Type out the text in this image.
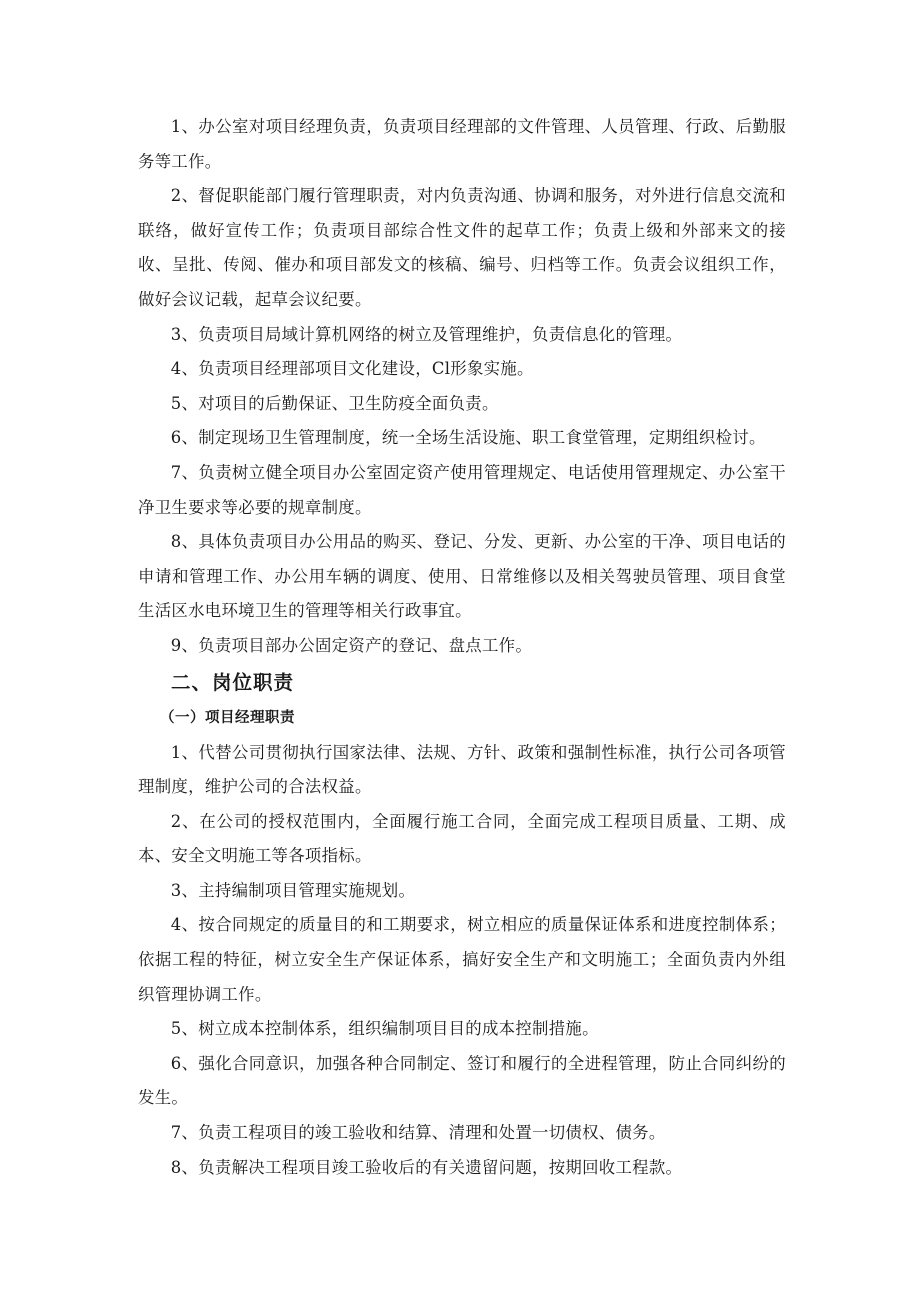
1、办公室对项目经理负责，负责项目经理部的文件管理、人员管理、行政、后勤服务等工作。

2、督促职能部门履行管理职责，对内负责沟通、协调和服务，对外进行信息交流和联络，做好宣传工作；负责项目部综合性文件的起草工作；负责上级和外部来文的接收、呈批、传阅、催办和项目部发文的核稿、编号、归档等工作。负责会议组织工作，做好会议记载，起草会议纪要。

3、负责项目局域计算机网络的树立及管理维护，负责信息化的管理。

4、负责项目经理部项目文化建设，Cl形象实施。

5、对项目的后勤保证、卫生防疫全面负责。

6、制定现场卫生管理制度，统一全场生活设施、职工食堂管理，定期组织检讨。

7、负责树立健全项目办公室固定资产使用管理规定、电话使用管理规定、办公室干净卫生要求等必要的规章制度。

8、具体负责项目办公用品的购买、登记、分发、更新、办公室的干净、项目电话的申请和管理工作、办公用车辆的调度、使用、日常维修以及相关驾驶员管理、项目食堂生活区水电环境卫生的管理等相关行政事宜。

9、负责项目部办公固定资产的登记、盘点工作。

二、岗位职责
（一）项目经理职责

1、代替公司贯彻执行国家法律、法规、方针、政策和强制性标准，执行公司各项管理制度，维护公司的合法权益。

2、在公司的授权范围内，全面履行施工合同，全面完成工程项目质量、工期、成本、安全文明施工等各项指标。

3、主持编制项目管理实施规划。

4、按合同规定的质量目的和工期要求，树立相应的质量保证体系和进度控制体系；依据工程的特征，树立安全生产保证体系，搞好安全生产和文明施工；全面负责内外组织管理协调工作。

5、树立成本控制体系，组织编制项目目的成本控制措施。

6、强化合同意识，加强各种合同制定、签订和履行的全进程管理，防止合同纠纷的发生。

7、负责工程项目的竣工验收和结算、清理和处置一切债权、债务。

8、负责解决工程项目竣工验收后的有关遗留问题，按期回收工程款。
